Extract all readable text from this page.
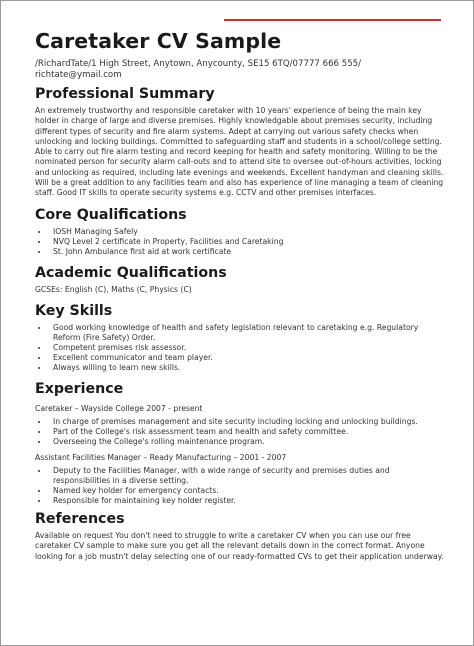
Caretaker CV Sample
/RichardTate/1 High Street, Anytown, Anycounty, SE15 6TQ/07777 666 555/
richtate@ymail.com
Professional Summary

An extremely trustworthy and responsible caretaker with 10 years' experience of being the main key holder in charge of large and diverse premises. Highly knowledgable about premises security, including different types of security and fire alarm systems. Adept at carrying out various safety checks when unlocking and locking buildings. Committed to safeguarding staff and students in a school/college setting. Able to carry out fire alarm testing and record keeping for health and safety monitoring. Willing to be the nominated person for security alarm call-outs and to attend site to oversee out-of-hours activities, locking and unlocking as required, including late evenings and weekends. Excellent handyman and cleaning skills. Will be a great addition to any facilities team and also has experience of line managing a team of cleaning staff. Good IT skills to operate security systems e.g. CCTV and other premises interfaces.

Core Qualifications
• IOSH Managing Safely
• NVQ Level 2 certificate in Property, Facilities and Caretaking
• St. John Ambulance first aid at work certificate
Academic Qualifications

GCSEs: English (C), Maths (C, Physics (C)

Key Skills
• Good working knowledge of health and safety legislation relevant to caretaking e.g. Regulatory Reform (Fire Safety) Order.
• Competent premises risk assessor.
• Excellent communicator and team player.
• Always willing to learn new skills.
Experience

Caretaker – Wayside College 2007 - present

• In charge of premises management and site security including locking and unlocking buildings.
• Part of the College's risk assessment team and health and safety committee.
• Overseeing the College's rolling maintenance program.

Assistant Facilities Manager – Ready Manufacturing – 2001 - 2007

• Deputy to the Facilities Manager, with a wide range of security and premises duties and responsibilities in a diverse setting.
• Named key holder for emergency contacts.
• Responsible for maintaining key holder register.
References

Available on request You don't need to struggle to write a caretaker CV when you can use our free caretaker CV sample to make sure you get all the relevant details down in the correct format. Anyone looking for a job mustn't delay selecting one of our ready-formatted CVs to get their application underway.
